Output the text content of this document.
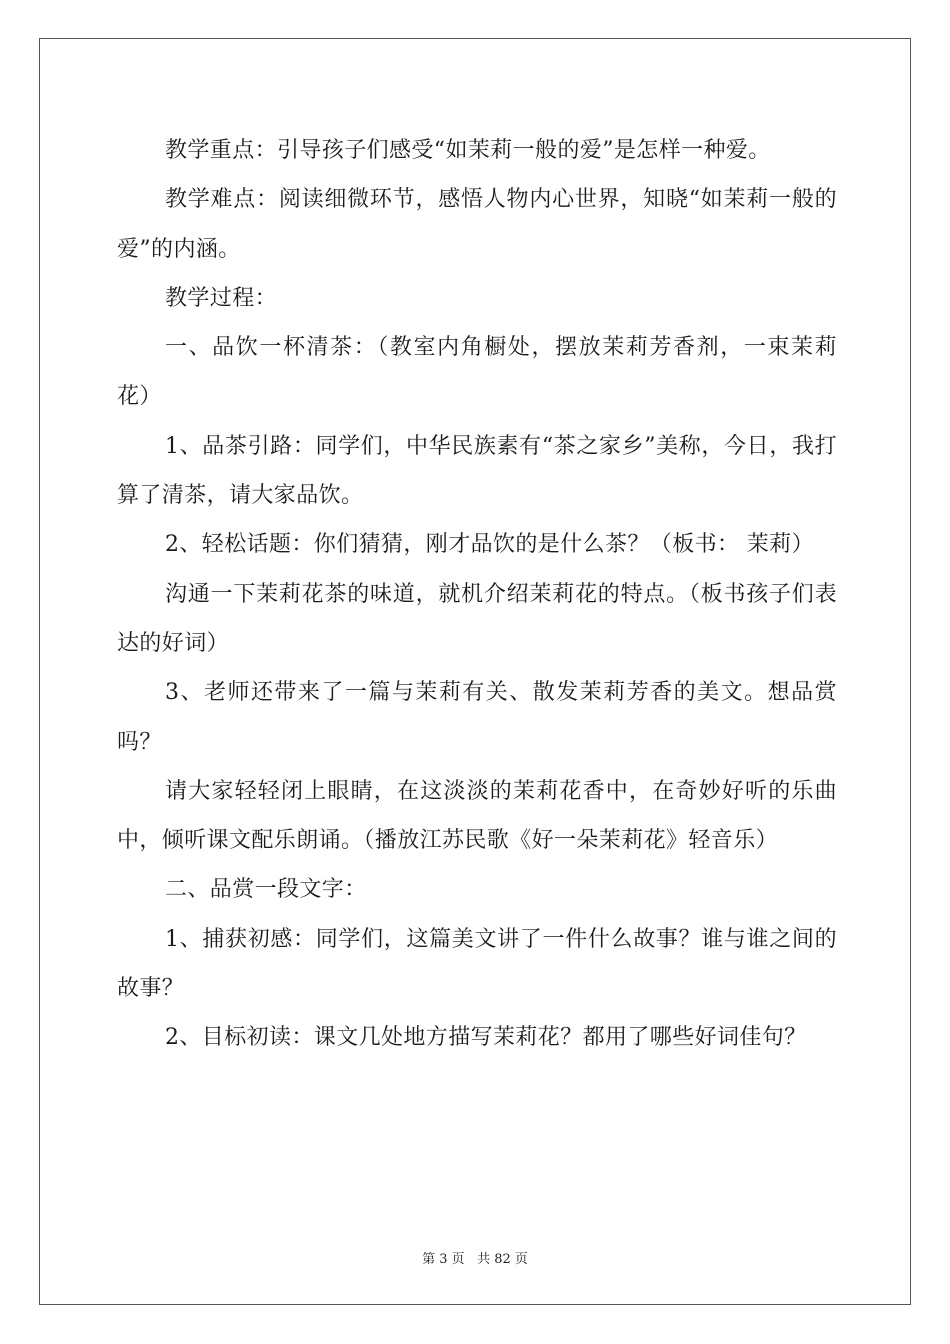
教学重点：引导孩子们感受“如茉莉一般的爱”是怎样一种爱。

教学难点：阅读细微环节，感悟人物内心世界，知晓“如茉莉一般的爱”的内涵。

教学过程：

一、品饮一杯清茶：（教室内角橱处，摆放茉莉芳香剂，一束茉莉花）

1、品茶引路：同学们，中华民族素有“茶之家乡”美称，今日，我打算了清茶，请大家品饮。

2、轻松话题：你们猜猜，刚才品饮的是什么茶？（板书： 茉莉）

沟通一下茉莉花茶的味道，就机介绍茉莉花的特点。（板书孩子们表达的好词）

3、老师还带来了一篇与茉莉有关、散发茉莉芳香的美文。想品赏吗？

请大家轻轻闭上眼睛，在这淡淡的茉莉花香中，在奇妙好听的乐曲中，倾听课文配乐朗诵。（播放江苏民歌《好一朵茉莉花》轻音乐）

二、品赏一段文字：

1、捕获初感：同学们，这篇美文讲了一件什么故事？谁与谁之间的故事？

2、目标初读：课文几处地方描写茉莉花？都用了哪些好词佳句？

第 3 页 共 82 页
